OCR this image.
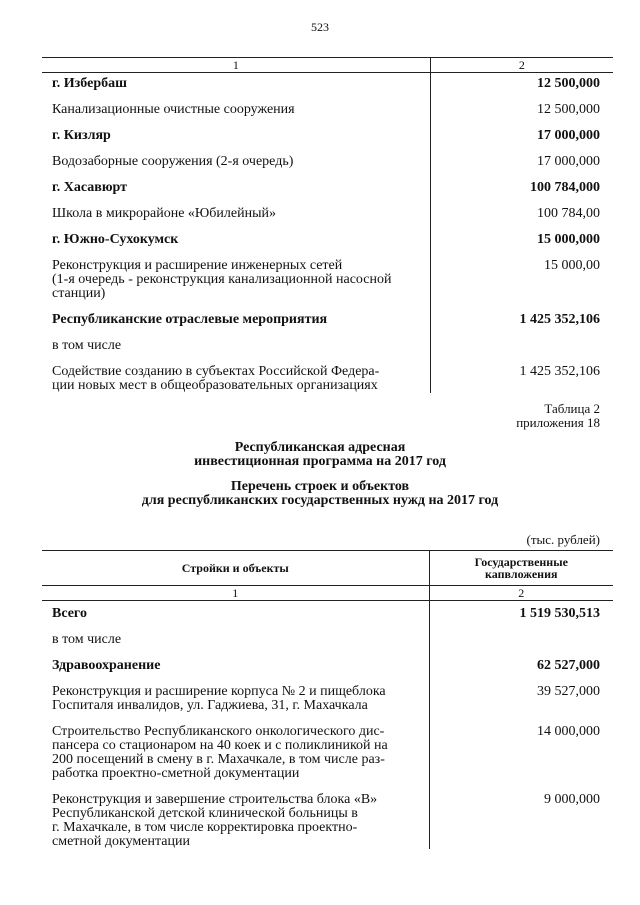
523
1	2
г. Избербаш	12 500,000
Канализационные очистные сооружения	12 500,000
г. Кизляр	17 000,000
Водозаборные сооружения (2-я очередь)	17 000,000
г. Хасавюрт	100 784,000
Школа в микрорайоне «Юбилейный»	100 784,00
г. Южно-Сухокумск	15 000,000
Реконструкция и расширение инженерных сетей
(1-я очередь - реконструкция канализационной насосной
станции)	15 000,00
Республиканские отраслевые мероприятия	1 425 352,106
в том числе	
Содействие созданию в субъектах Российской Федера-
ции новых мест в общеобразовательных организациях	1 425 352,106
Таблица 2
приложения 18
Республиканская адресная
инвестиционная программа на 2017 год
Перечень строек и объектов
для республиканских государственных нужд на 2017 год
(тыс. рублей)
Стройки и объекты	Государственные
капвложения
1	2
Всего	1 519 530,513
в том числе	
Здравоохранение	62 527,000
Реконструкция и расширение корпуса № 2 и пищеблока
Госпиталя инвалидов, ул. Гаджиева, 31, г. Махачкала	39 527,000
Строительство Республиканского онкологического дис-
пансера со стационаром на 40 коек и с поликлиникой на
200 посещений в смену в г. Махачкале, в том числе раз-
работка проектно-сметной документации	14 000,000
Реконструкция и завершение строительства блока «В»
Республиканской детской клинической больницы в
г. Махачкале, в том числе корректировка проектно-
сметной документации	9 000,000
